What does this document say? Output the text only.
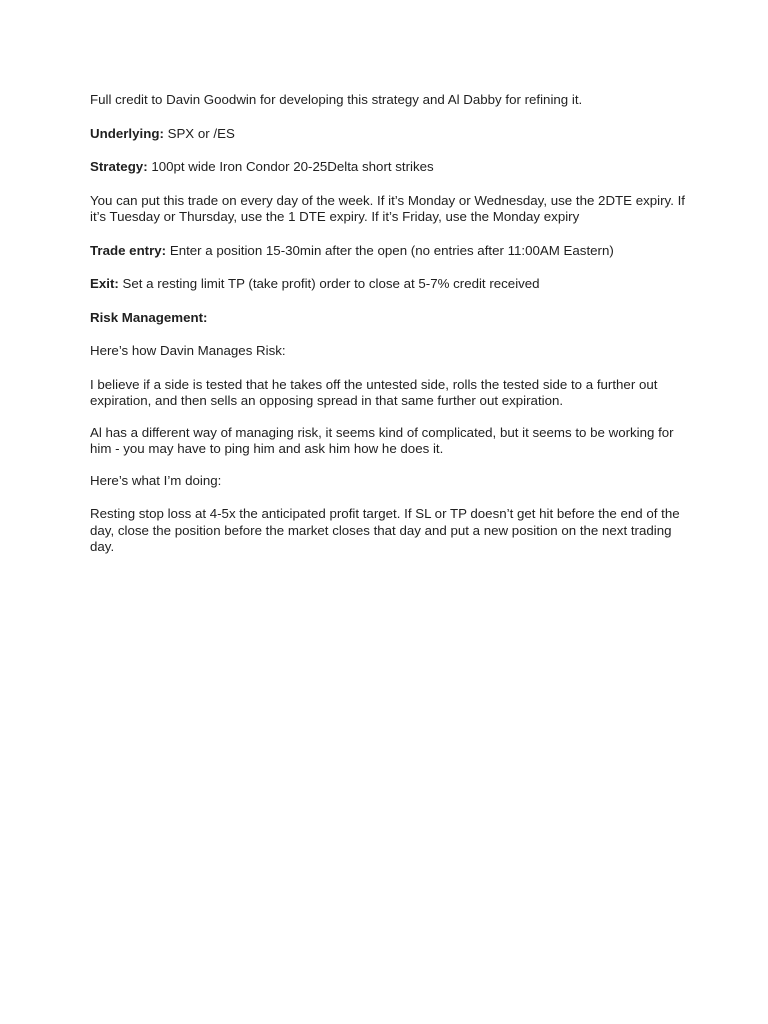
Full credit to Davin Goodwin for developing this strategy and Al Dabby for refining it.

Underlying: SPX or /ES

Strategy: 100pt wide Iron Condor 20-25Delta short strikes

You can put this trade on every day of the week. If it’s Monday or Wednesday, use the 2DTE expiry. If it’s Tuesday or Thursday, use the 1 DTE expiry. If it’s Friday, use the Monday expiry

Trade entry: Enter a position 15-30min after the open (no entries after 11:00AM Eastern)

Exit: Set a resting limit TP (take profit) order to close at 5-7% credit received

Risk Management:

Here’s how Davin Manages Risk:

I believe if a side is tested that he takes off the untested side, rolls the tested side to a further out expiration, and then sells an opposing spread in that same further out expiration.

Al has a different way of managing risk, it seems kind of complicated, but it seems to be working for him - you may have to ping him and ask him how he does it.

Here’s what I’m doing:

Resting stop loss at 4-5x the anticipated profit target. If SL or TP doesn’t get hit before the end of the day, close the position before the market closes that day and put a new position on the next trading day.
